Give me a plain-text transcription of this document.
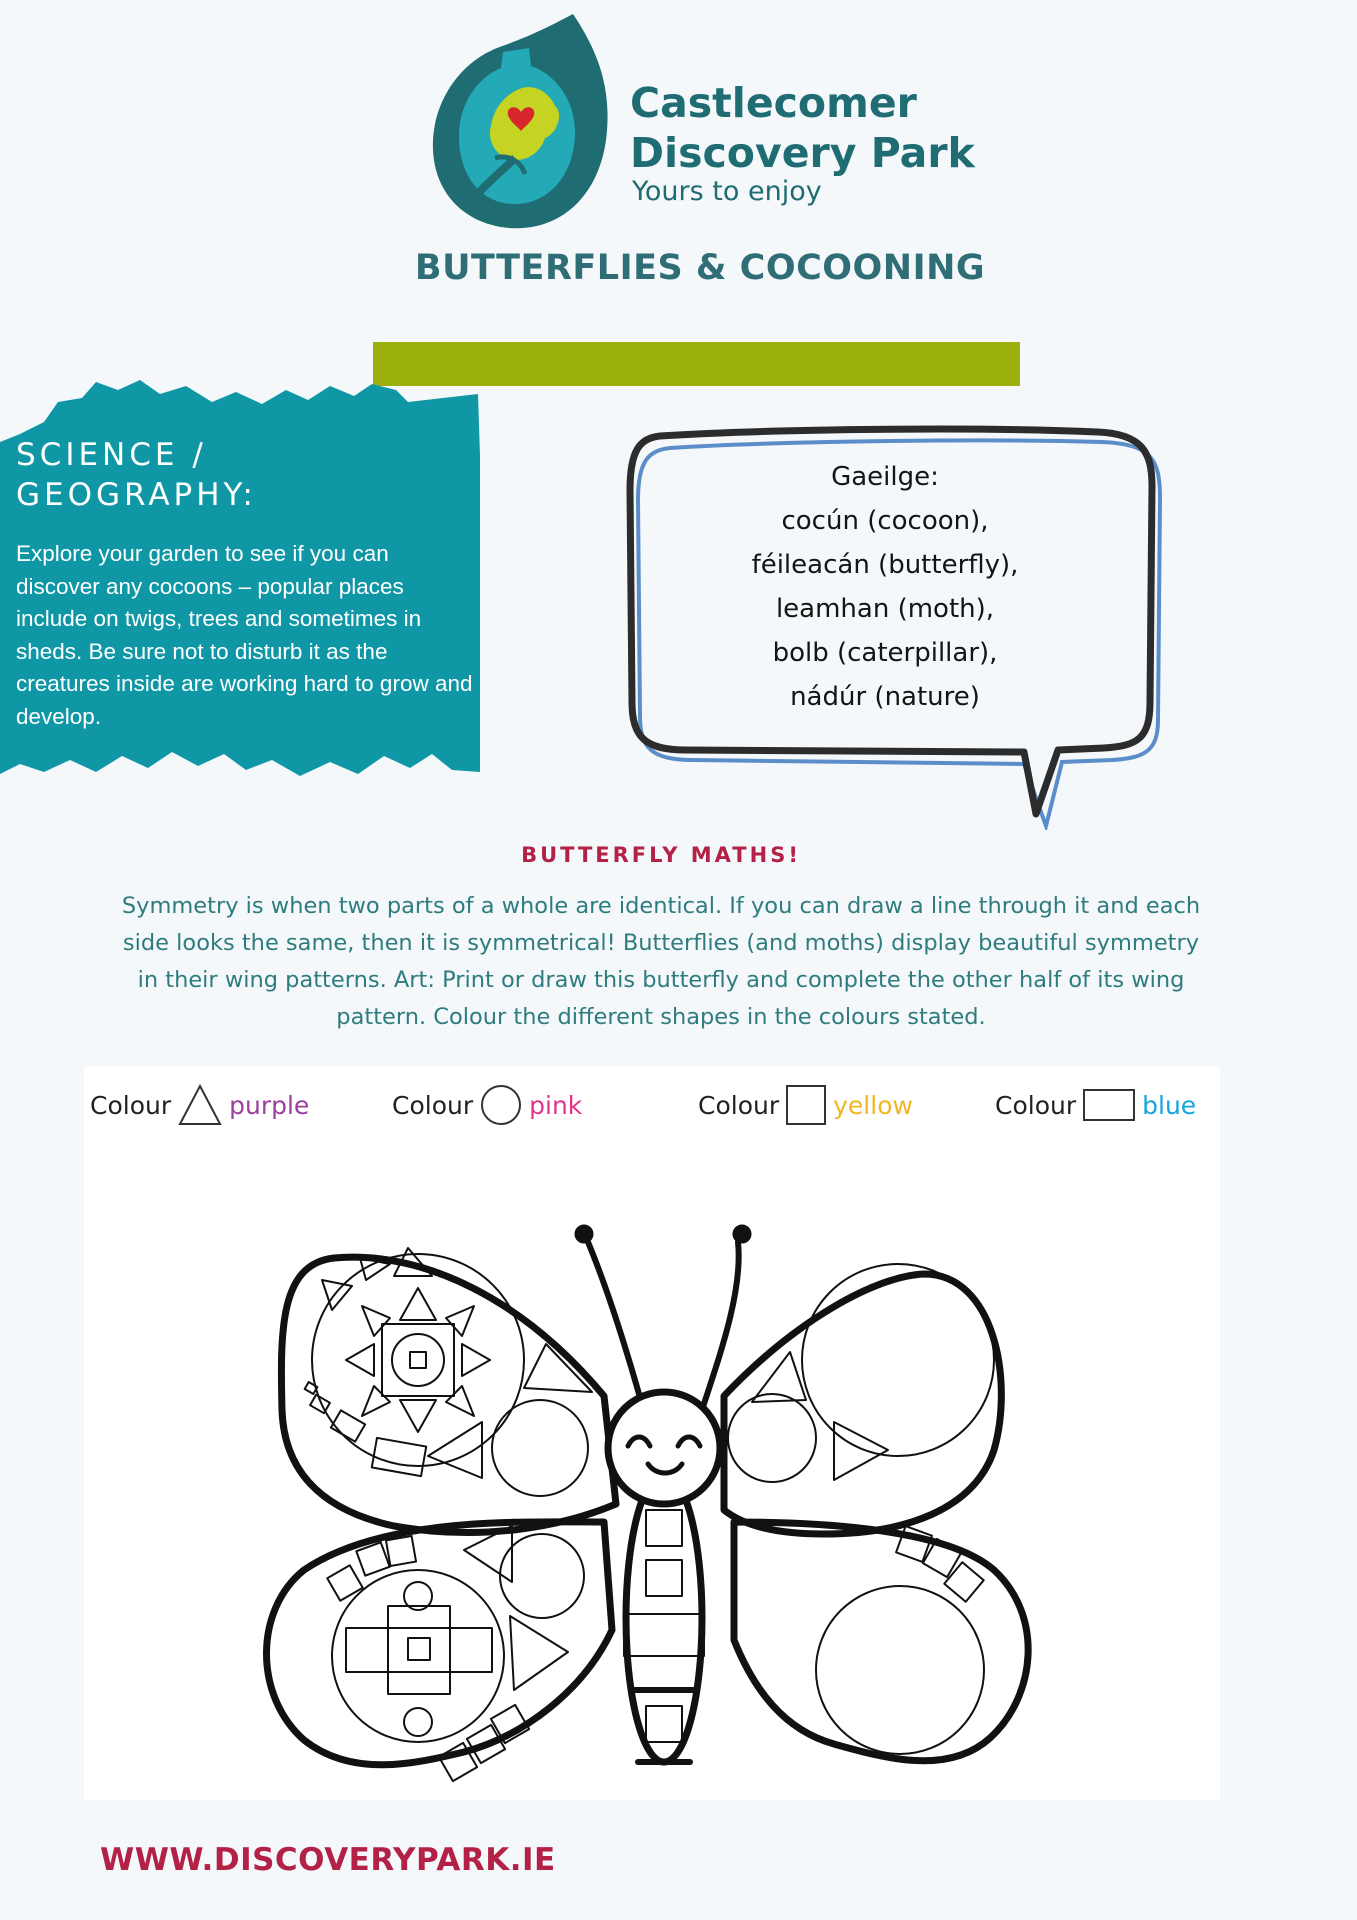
Castlecomer
Discovery Park
Yours to enjoy
BUTTERFLIES & COCOONING
SCIENCE /
GEOGRAPHY:
Explore your garden to see if you can discover any cocoons – popular places include on twigs, trees and sometimes in sheds. Be sure not to disturb it as the creatures inside are working hard to grow and develop.
Gaeilge:
cocún (cocoon),
féileacán (butterfly),
leamhan (moth),
bolb (caterpillar),
nádúr (nature)
BUTTERFLY MATHS!
Symmetry is when two parts of a whole are identical. If you can draw a line through it and each side looks the same, then it is symmetrical! Butterflies (and moths) display beautiful symmetry in their wing patterns. Art: Print or draw this butterfly and complete the other half of its wing pattern. Colour the different shapes in the colours stated.
Colour purple	Colour pink	Colour yellow	Colour	blue
WWW.DISCOVERYPARK.IE
